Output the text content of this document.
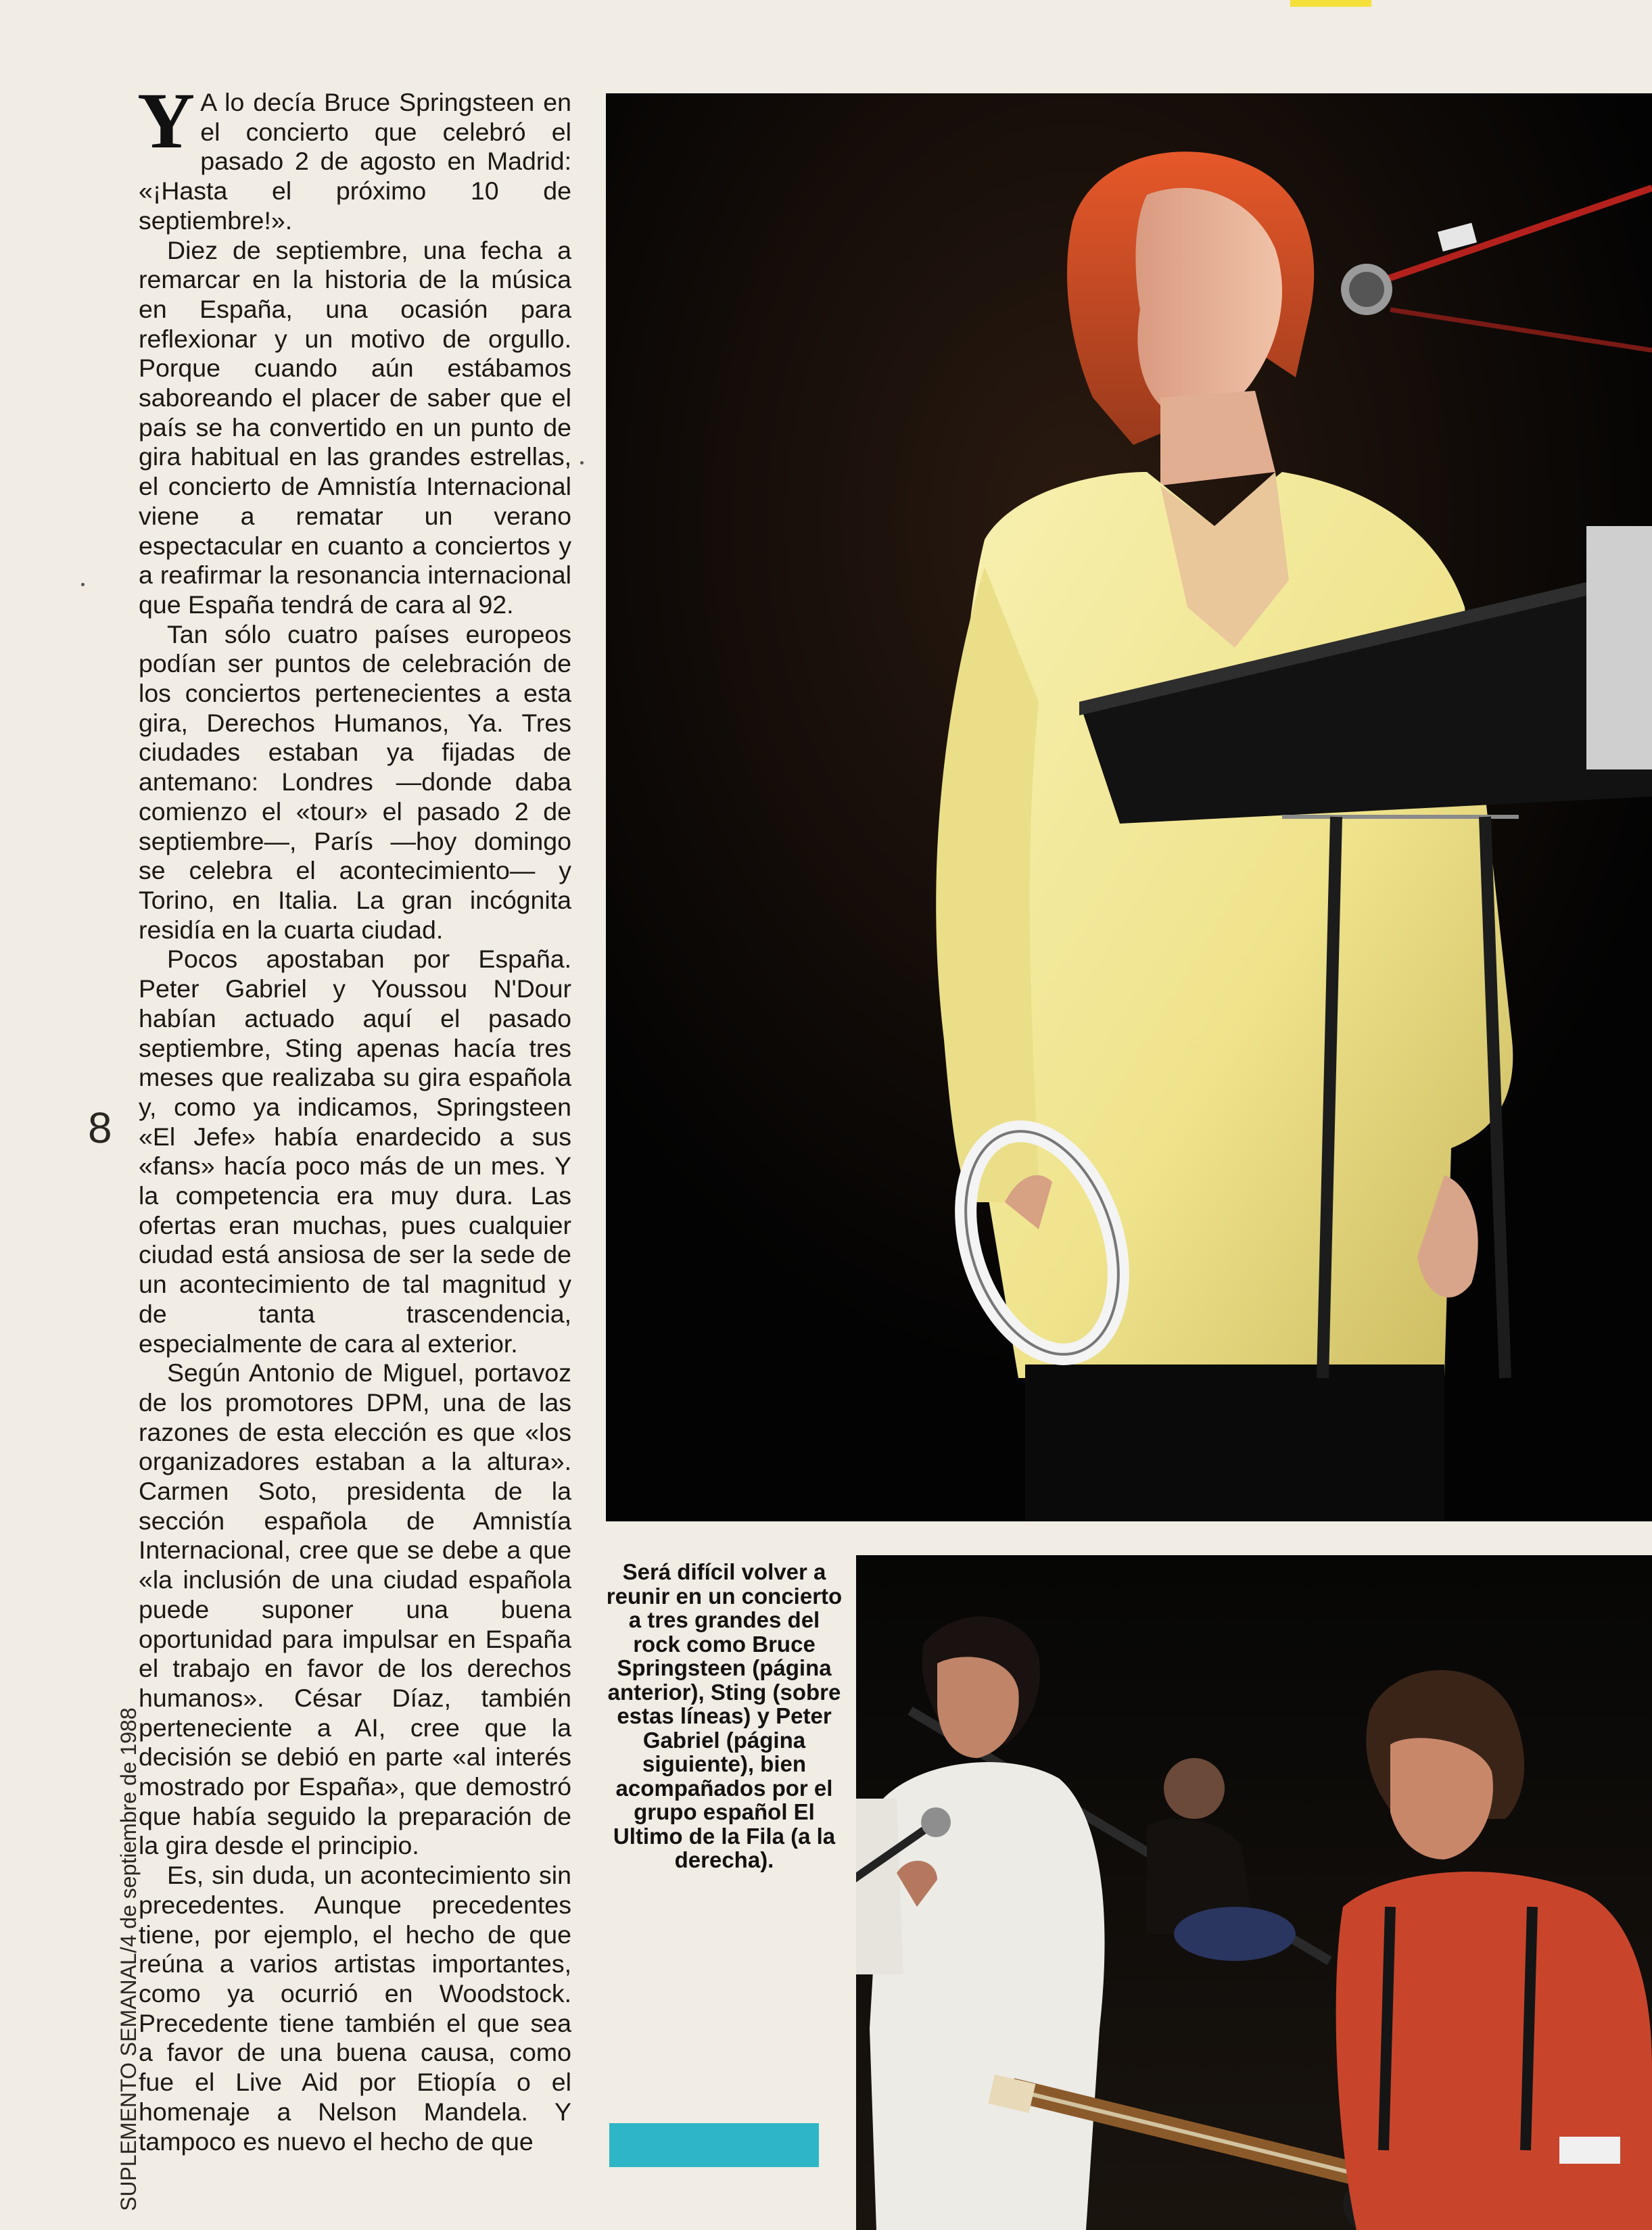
8
SUPLEMENTO SEMANAL/4 de septiembre de 1988

Y A lo decía Bruce Springsteen en el concierto que celebró el pasado 2 de agosto en Madrid: «¡Hasta el próximo 10 de septiembre!».

Diez de septiembre, una fecha a remarcar en la historia de la música en España, una ocasión para reflexionar y un motivo de orgullo. Porque cuando aún estábamos saboreando el placer de saber que el país se ha convertido en un punto de gira habitual en las grandes estrellas, el concierto de Amnistía Internacional viene a rematar un verano espectacular en cuanto a conciertos y a reafirmar la resonancia internacional que España tendrá de cara al 92.

Tan sólo cuatro países europeos podían ser puntos de celebración de los conciertos pertenecientes a esta gira, Derechos Humanos, Ya. Tres ciudades estaban ya fijadas de antemano: Londres —donde daba comienzo el «tour» el pasado 2 de septiembre—, París —hoy domingo se celebra el acontecimiento— y Torino, en Italia. La gran incógnita residía en la cuarta ciudad.

Pocos apostaban por España. Peter Gabriel y Youssou N'Dour habían actuado aquí el pasado septiembre, Sting apenas hacía tres meses que realizaba su gira española y, como ya indicamos, Springsteen «El Jefe» había enardecido a sus «fans» hacía poco más de un mes. Y la competencia era muy dura. Las ofertas eran muchas, pues cualquier ciudad está ansiosa de ser la sede de un acontecimiento de tal magnitud y de tanta trascendencia, especialmente de cara al exterior.

Según Antonio de Miguel, portavoz de los promotores DPM, una de las razones de esta elección es que «los organizadores estaban a la altura». Carmen Soto, presidenta de la sección española de Amnistía Internacional, cree que se debe a que «la inclusión de una ciudad española puede suponer una buena oportunidad para impulsar en España el trabajo en favor de los derechos humanos». César Díaz, también perteneciente a AI, cree que la decisión se debió en parte «al interés mostrado por España», que demostró que había seguido la preparación de la gira desde el principio.

Es, sin duda, un acontecimiento sin precedentes. Aunque precedentes tiene, por ejemplo, el hecho de que reúna a varios artistas importantes, como ya ocurrió en Woodstock. Precedente tiene también el que sea a favor de una buena causa, como fue el Live Aid por Etiopía o el homenaje a Nelson Mandela. Y tampoco es nuevo el hecho de que

Será difícil volver a reunir en un concierto a tres grandes del rock como Bruce Springsteen (página anterior), Sting (sobre estas líneas) y Peter Gabriel (página siguiente), bien acompañados por el grupo español El Ultimo de la Fila (a la derecha).
